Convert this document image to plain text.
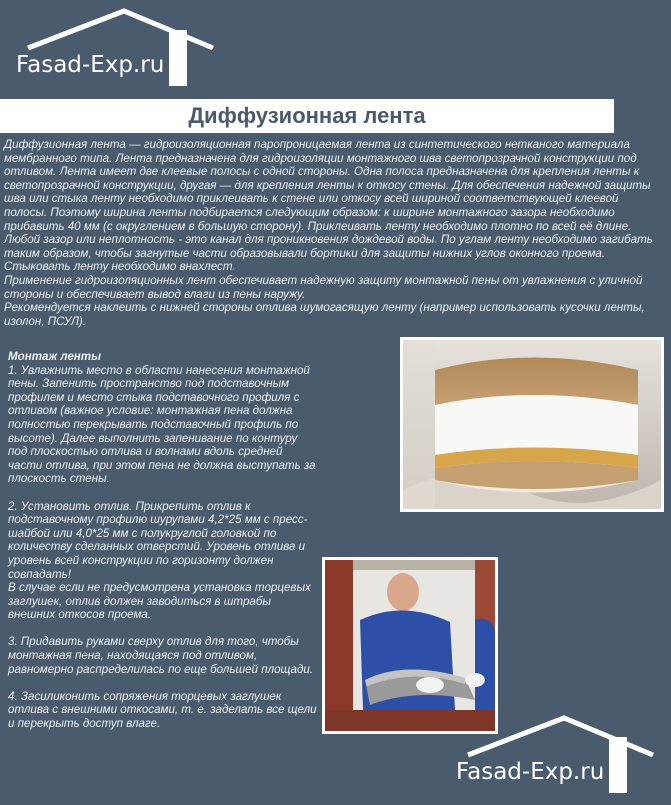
Fasad-Exp.ru
Диффузионная лента

Диффузионная лента — гидроизоляционная паропроницаемая лента из синтетического нетканого материала мембранного типа. Лента предназначена для гидроизоляции монтажного шва светопрозрачной конструкции под отливом. Лента имеет две клеевые полосы с одной стороны. Одна полоса предназначена для крепления ленты к светопрозрачной конструкции, другая — для крепления ленты к откосу стены. Для обеспечения надежной защиты шва или стыка ленту необходимо приклеивать к стене или откосу всей шириной соответствующей клеевой полосы. Поэтому ширина ленты подбирается следующим образом: к ширине монтажного зазора необходимо прибавить 40 мм (с округлением в большую сторону). Приклеивать ленту необходимо плотно по всей её длине. Любой зазор или неплотность - это канал для проникновения дождевой воды. По углам ленту необходимо загибать таким образом, чтобы загнутые части образовывали бортики для защиты нижних углов оконного проема. Стыковать ленту необходимо внахлест.

Применение гидроизоляционных лент обеспечивает надежную защиту монтажной пены от увлажнения с уличной стороны и обеспечивает вывод влаги из пены наружу.

Рекомендуется наклеить с нижней стороны отлива шумогасящую ленту (например использовать кусочки ленты, изолон, ПСУЛ).

Монтаж ленты

1. Увлажнить место в области нанесения монтажной пены. Запенить пространство под подставочным профилем и место стыка подставочного профиля с отливом (важное условие: монтажная пена должна полностью перекрывать подставочный профиль по высоте). Далее выполнить запенивание по контуру под плоскостью отлива и волнами вдоль средней части отлива, при этом пена не должна выступать за плоскость стены.

2. Установить отлив. Прикрепить отлив к подставочному профилю шурупами 4,2*25 мм с пресс-шайбой или 4,0*25 мм с полукруглой головкой по количеству сделанных отверстий. Уровень отлива и уровень всей конструкции по горизонту должен совпадать!

В случае если не предусмотрена установка торцевых заглушек, отлив должен заводиться в штрабы внешних откосов проема.

3. Придавить руками сверху отлив для того, чтобы монтажная пена, находящаяся под отливом, равномерно распределилась по еще большей площади.

4. Засиликонить сопряжения торцевых заглушек отлива с внешними откосами, т. е. заделать все щели и перекрыть доступ влаге.

Fasad-Exp.ru
